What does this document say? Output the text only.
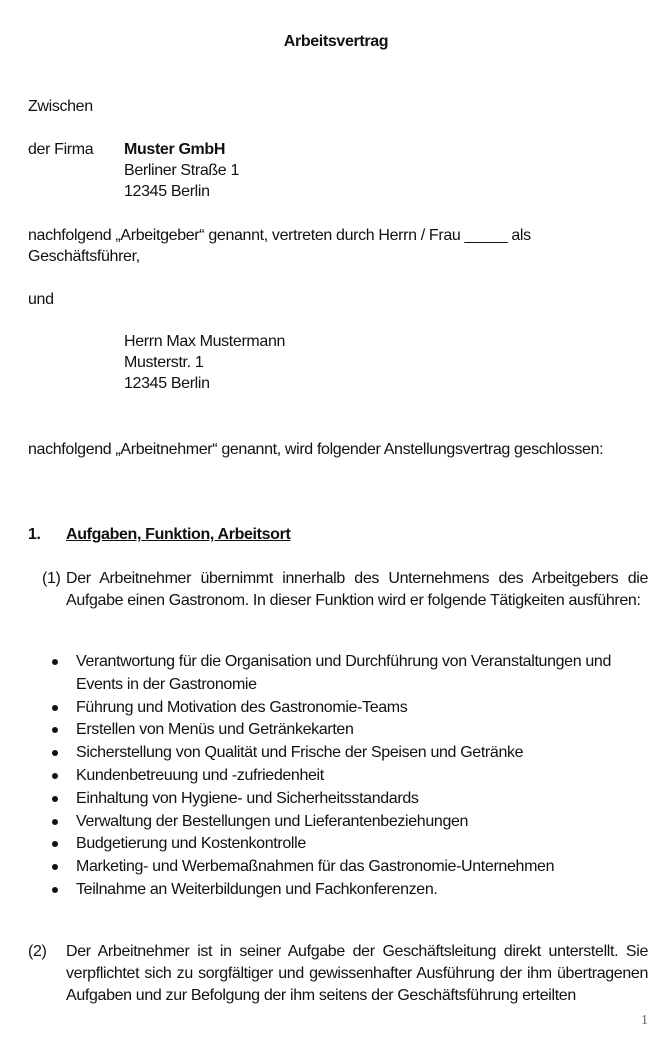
Arbeitsvertrag
Zwischen
der Firma Muster GmbH
Berliner Straße 1
12345 Berlin
nachfolgend „Arbeitgeber“ genannt, vertreten durch Herrn / Frau _____ als
Geschäftsführer,
und
Herrn Max Mustermann
Musterstr. 1
12345 Berlin
nachfolgend „Arbeitnehmer“ genannt, wird folgender Anstellungsvertrag geschlossen:
1. Aufgaben, Funktion, Arbeitsort
(1) Der Arbeitnehmer übernimmt innerhalb des Unternehmens des Arbeitgebers die Aufgabe einen Gastronom. In dieser Funktion wird er folgende Tätigkeiten ausführen:
Verantwortung für die Organisation und Durchführung von Veranstaltungen und Events in der Gastronomie
Führung und Motivation des Gastronomie-Teams
Erstellen von Menüs und Getränkekarten
Sicherstellung von Qualität und Frische der Speisen und Getränke
Kundenbetreuung und -zufriedenheit
Einhaltung von Hygiene- und Sicherheitsstandards
Verwaltung der Bestellungen und Lieferantenbeziehungen
Budgetierung und Kostenkontrolle
Marketing- und Werbemaßnahmen für das Gastronomie-Unternehmen
Teilnahme an Weiterbildungen und Fachkonferenzen.
(2) Der Arbeitnehmer ist in seiner Aufgabe der Geschäftsleitung direkt unterstellt. Sie verpflichtet sich zu sorgfältiger und gewissenhafter Ausführung der ihm übertragenen Aufgaben und zur Befolgung der ihm seitens der Geschäftsführung erteilten
1
